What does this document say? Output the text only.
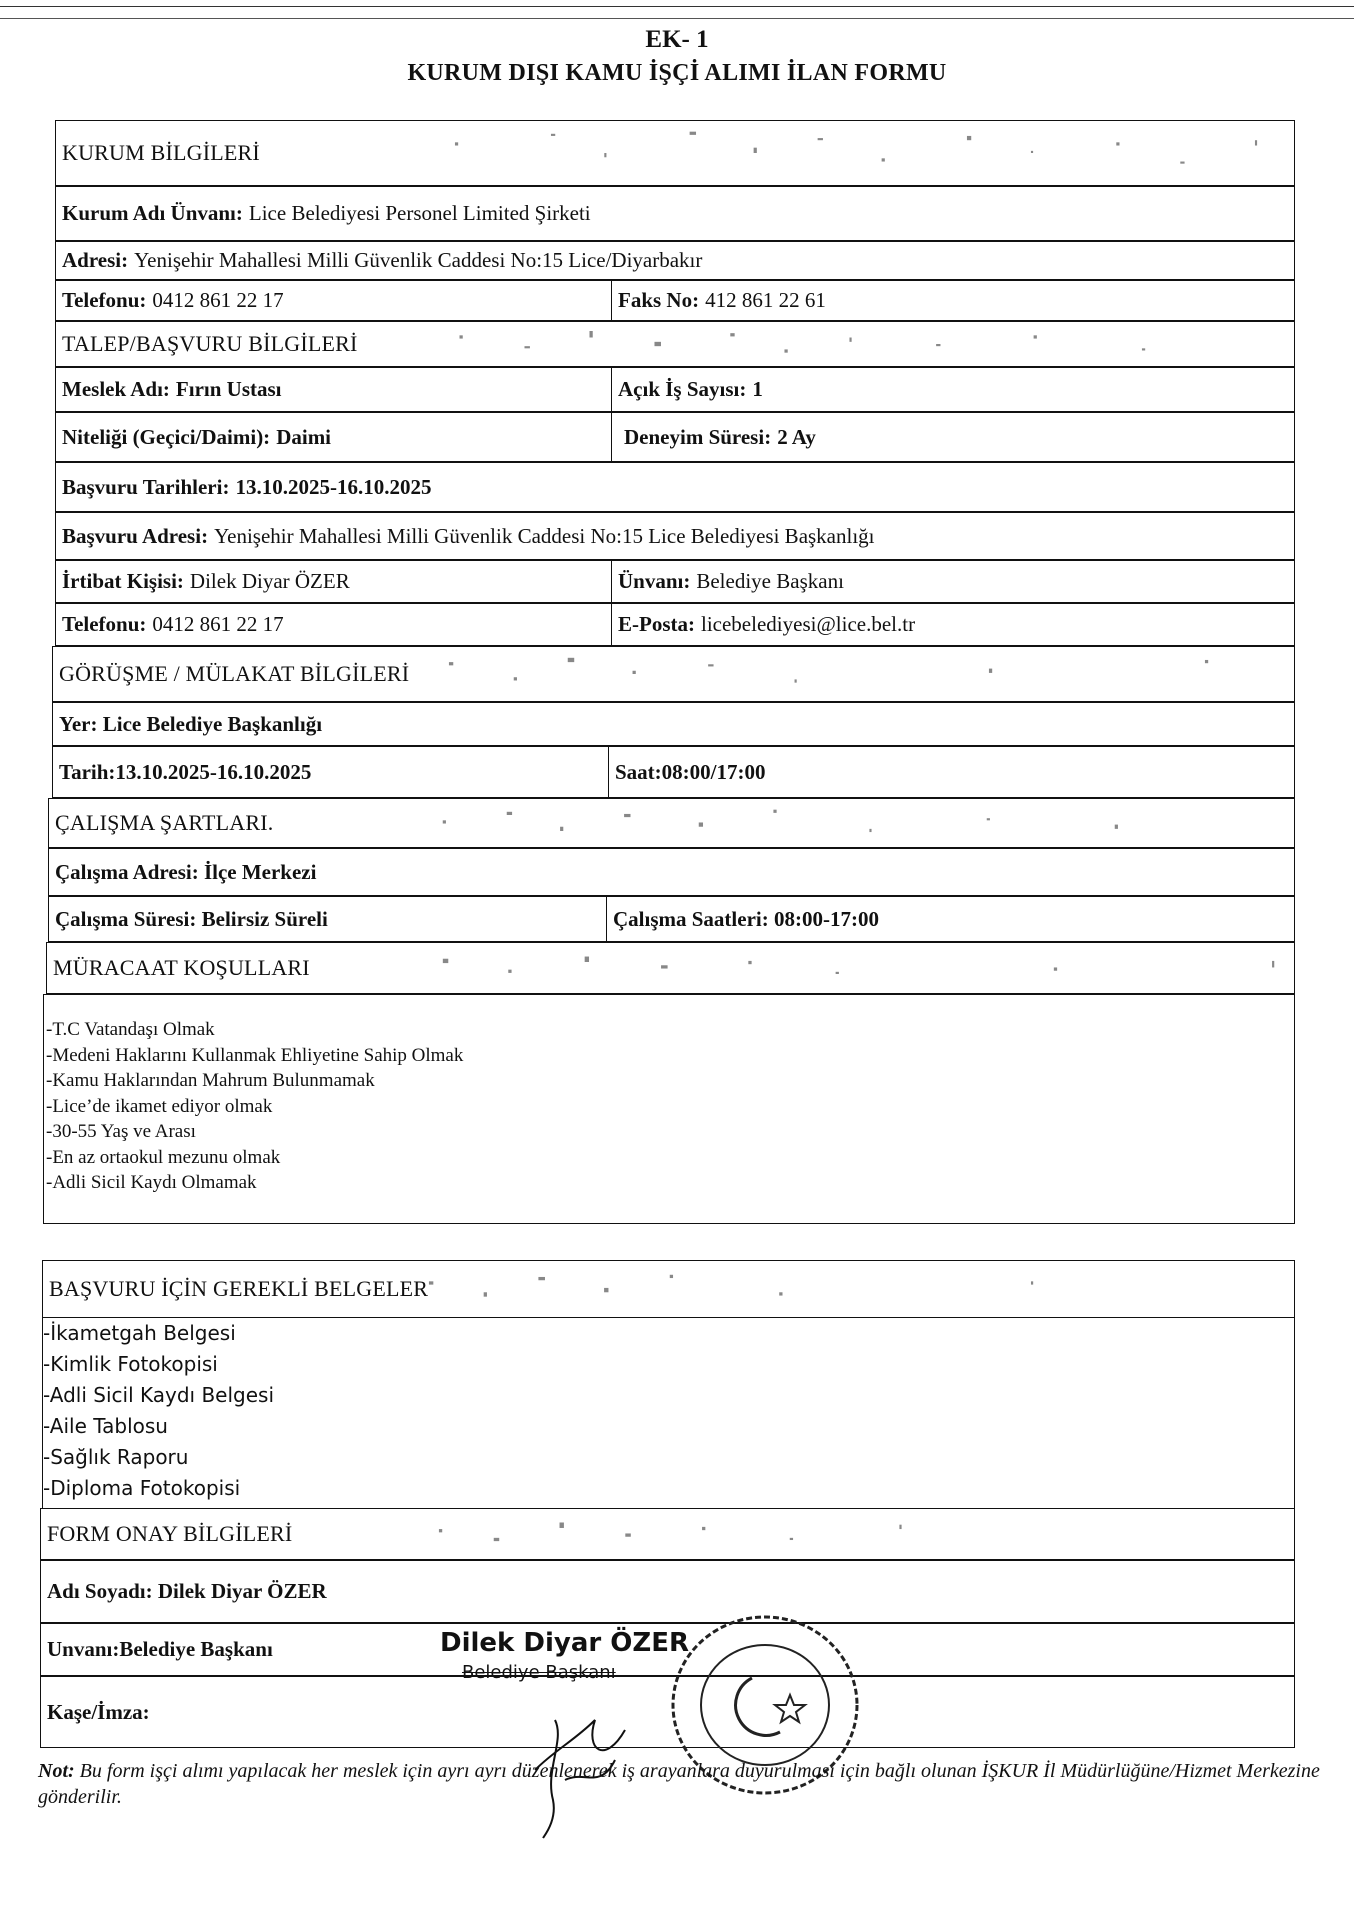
EK- 1
KURUM DIŞI KAMU İŞÇİ ALIMI İLAN FORMU
KURUM BİLGİLERİ
Kurum Adı Ünvanı: Lice Belediyesi Personel Limited Şirketi
Adresi: Yenişehir Mahallesi Milli Güvenlik Caddesi No:15 Lice/Diyarbakır
Telefonu: 0412 861 22 17	Faks No: 412 861 22 61
TALEP/BAŞVURU BİLGİLERİ
Meslek Adı: Fırın Ustası	Açık İş Sayısı: 1
Niteliği (Geçici/Daimi): Daimi	Deneyim Süresi: 2 Ay
Başvuru Tarihleri: 13.10.2025-16.10.2025
Başvuru Adresi: Yenişehir Mahallesi Milli Güvenlik Caddesi No:15 Lice Belediyesi Başkanlığı
İrtibat Kişisi: Dilek Diyar ÖZER	Ünvanı: Belediye Başkanı
Telefonu: 0412 861 22 17	E-Posta: licebelediyesi@lice.bel.tr
GÖRÜŞME / MÜLAKAT BİLGİLERİ
Yer: Lice Belediye Başkanlığı
Tarih:13.10.2025-16.10.2025	Saat:08:00/17:00
ÇALIŞMA ŞARTLARI.
Çalışma Adresi: İlçe Merkezi
Çalışma Süresi: Belirsiz Süreli	Çalışma Saatleri: 08:00-17:00
MÜRACAAT KOŞULLARI
-T.C Vatandaşı Olmak
-Medeni Haklarını Kullanmak Ehliyetine Sahip Olmak
-Kamu Haklarından Mahrum Bulunmamak
-Lice’de ikamet ediyor olmak
-30-55 Yaş ve Arası
-En az ortaokul mezunu olmak
-Adli Sicil Kaydı Olmamak
BAŞVURU İÇİN GEREKLİ BELGELER
-İkametgah Belgesi
-Kimlik Fotokopisi
-Adli Sicil Kaydı Belgesi
-Aile Tablosu
-Sağlık Raporu
-Diploma Fotokopisi
FORM ONAY BİLGİLERİ
Adı Soyadı: Dilek Diyar ÖZER
Unvanı:Belediye Başkanı
Kaşe/İmza:
Dilek Diyar ÖZER
Belediye Başkanı
Not: Bu form işçi alımı yapılacak her meslek için ayrı ayrı düzenlenerek iş arayanlara duyurulması için bağlı olunan İŞKUR İl Müdürlüğüne/Hizmet Merkezine gönderilir.
